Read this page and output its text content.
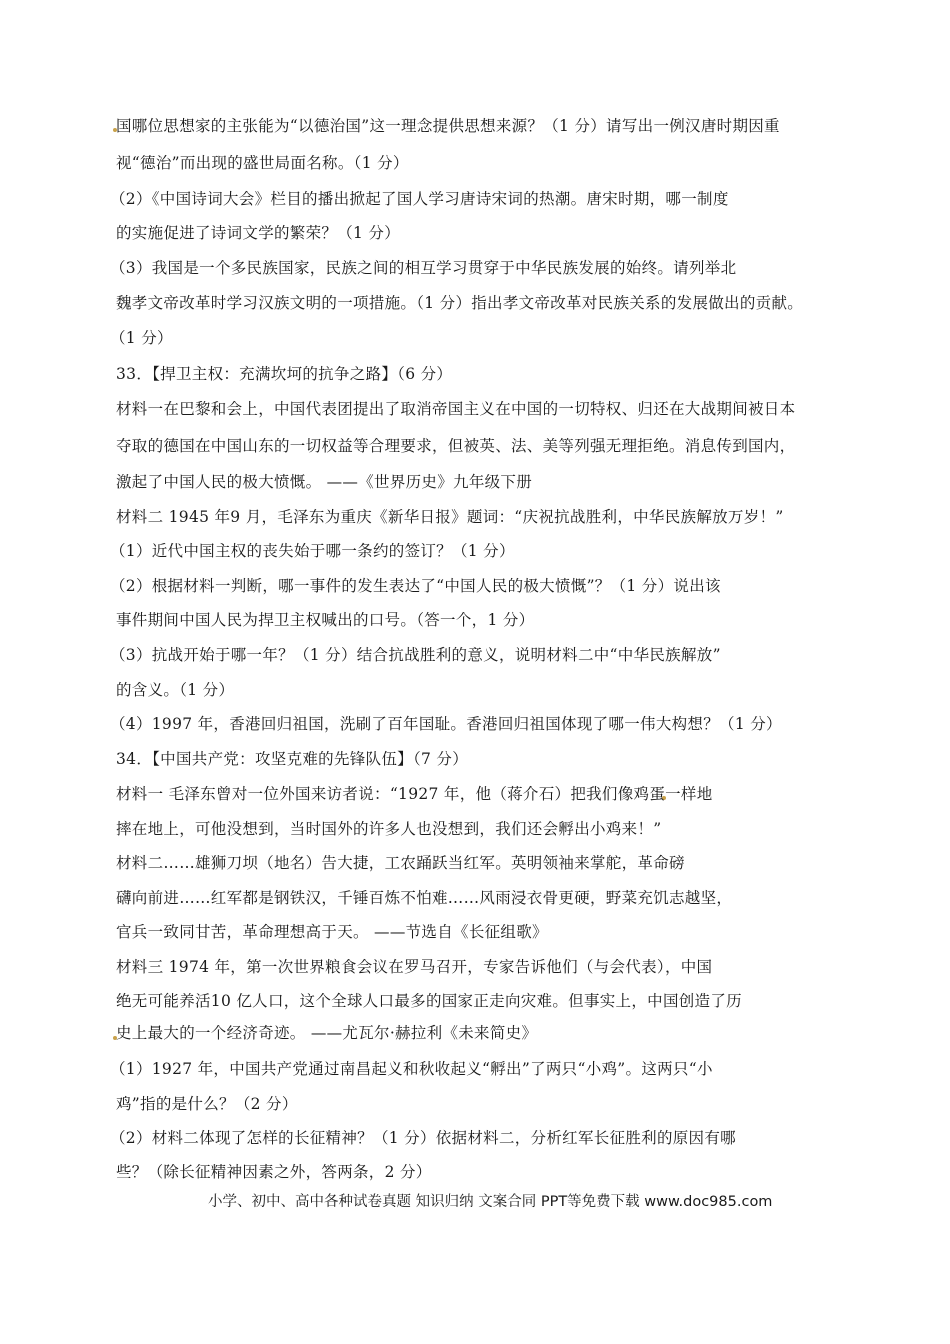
国哪位思想家的主张能为“以德治国”这一理念提供思想来源？（1 分）请写出一例汉唐时期因重
视“德治”而出现的盛世局面名称。（1 分）
（2）《中国诗词大会》栏目的播出掀起了国人学习唐诗宋词的热潮。唐宋时期，哪一制度
的实施促进了诗词文学的繁荣？（1 分）
（3）我国是一个多民族国家，民族之间的相互学习贯穿于中华民族发展的始终。请列举北
魏孝文帝改革时学习汉族文明的一项措施。（1 分）指出孝文帝改革对民族关系的发展做出的贡献。
（1 分）
33．【捍卫主权：充满坎坷的抗争之路】（6 分）
材料一在巴黎和会上，中国代表团提出了取消帝国主义在中国的一切特权、归还在大战期间被日本
夺取的德国在中国山东的一切权益等合理要求，但被英、法、美等列强无理拒绝。消息传到国内，
激起了中国人民的极大愤慨。 ——《世界历史》九年级下册
材料二 1945 年9 月，毛泽东为重庆《新华日报》题词：“庆祝抗战胜利，中华民族解放万岁！”
（1）近代中国主权的丧失始于哪一条约的签订？（1 分）
（2）根据材料一判断，哪一事件的发生表达了“中国人民的极大愤慨”？（1 分）说出该
事件期间中国人民为捍卫主权喊出的口号。（答一个，1 分）
（3）抗战开始于哪一年？（1 分）结合抗战胜利的意义，说明材料二中“中华民族解放”
的含义。（1 分）
（4）1997 年，香港回归祖国，洗刷了百年国耻。香港回归祖国体现了哪一伟大构想？（1 分）
34．【中国共产党：攻坚克难的先锋队伍】（7 分）
材料一 毛泽东曾对一位外国来访者说：“1927 年，他（蒋介石）把我们像鸡蛋一样地
摔在地上，可他没想到，当时国外的许多人也没想到，我们还会孵出小鸡来！”
材料二……雄狮刀坝（地名）告大捷，工农踊跃当红军。英明领袖来掌舵，革命磅
礴向前进……红军都是钢铁汉，千锤百炼不怕难……风雨浸衣骨更硬，野菜充饥志越坚，
官兵一致同甘苦，革命理想高于天。 ——节选自《长征组歌》
材料三 1974 年，第一次世界粮食会议在罗马召开，专家告诉他们（与会代表），中国
绝无可能养活10 亿人口，这个全球人口最多的国家正走向灾难。但事实上，中国创造了历
史上最大的一个经济奇迹。 ——尤瓦尔·赫拉利《未来简史》
（1）1927 年，中国共产党通过南昌起义和秋收起义“孵出”了两只“小鸡”。这两只“小
鸡”指的是什么？（2 分）
（2）材料二体现了怎样的长征精神？（1 分）依据材料二，分析红军长征胜利的原因有哪
些？（除长征精神因素之外，答两条，2 分）
小学、初中、高中各种试卷真题 知识归纳 文案合同 PPT等免费下载 www.doc985.com
